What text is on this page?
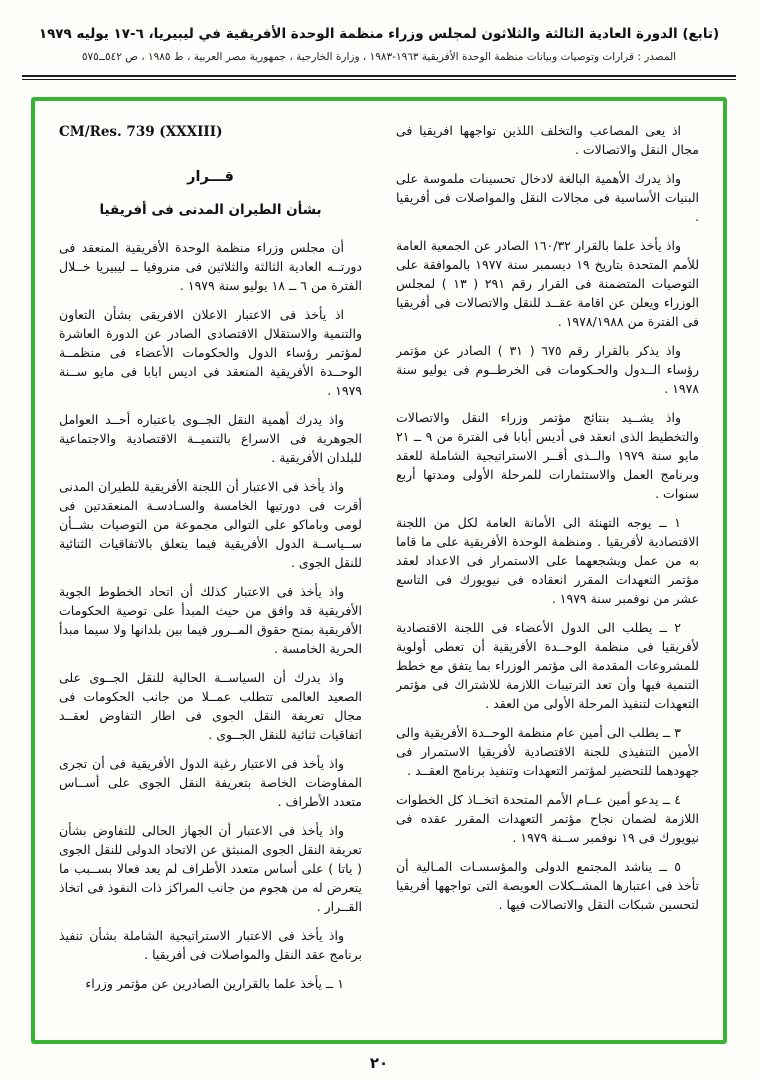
(تابع) الدورة العادية الثالثة والثلاثون لمجلس وزراء منظمة الوحدة الأفريقية في ليبيريا، ٦-١٧ يوليه ١٩٧٩
المصدر : قرارات وتوصيات وبيانات منظمة الوحدة الأفريقية ١٩٦٣-١٩٨٣ ، وزارة الخارجية ، جمهورية مصر العربية ، ط ١٩٨٥ ، ص ٥٤٢ــ٥٧٥
اذ يعى المصاعب والتخلف اللذين تواجهها افريقيا فى مجال النقل والاتصالات .
واذ يدرك الأهمية البالغة لادخال تحسينات ملموسة على البنيات الأساسية فى مجالات النقل والمواصلات فى أفريقيا .
واذ يأخذ علما بالقرار ١٦٠/٣٢ الصادر عن الجمعية العامة للأمم المتحدة بتاريخ ١٩ ديسمبر سنة ١٩٧٧ بالموافقة على التوصيات المتضمنة فى القرار رقم ٢٩١ ( ١٣ ) لمجلس الوزراء ويعلن عن اقامة عقــد للنقل والاتصالات فى أفريقيا فى الفترة من ١٩٧٨/١٩٨٨ .
واذ يذكر بالقرار رقم ٦٧٥ ( ٣١ ) الصادر عن مؤتمر رؤساء الــدول والحـكومات فى الخرطــوم فى يوليو سنة ١٩٧٨ .
واذ يشــيد بنتائج مؤتمر وزراء النقل والاتصالات والتخطيط الذى انعقد فى أديس أبابا فى الفترة من ٩ ــ ٢١ مايو سنة ١٩٧٩ والــذى أقــر الاستراتيجية الشاملة للعقد وبرنامج العمل والاستثمارات للمرحلة الأولى ومدتها أربع سنوات .
١ ــ يوجه التهنئة الى الأمانة العامة لكل من اللجنة الاقتصادية لأفريقيا . ومنظمة الوحدة الأفريقية على ما قاما به من عمل ويشجعهما على الاستمرار فى الاعداد لعقد مؤتمر التعهدات المقرر انعقاده فى نيويورك فى التاسع عشر من نوفمبر سنة ١٩٧٩ .
٢ ــ يطلب الى الدول الأعضاء فى اللجنة الاقتصادية لأفريقيا فى منظمة الوحــدة الأفريقية أن تعطى أولوية للمشروعات المقدمة الى مؤتمر الوزراء بما يتفق مع خطط التنمية فيها وأن تعد الترتيبات اللازمة للاشتراك فى مؤتمر التعهدات لتنفيذ المرحلة الأولى من العقد .
٣ ــ يطلب الى أمين عام منظمة الوحــدة الأفريقية والى الأمين التنفيذى للجنة الاقتصادية لأفريقيا الاستمرار فى جهودهما للتحضير لمؤتمر التعهدات وتنفيذ برنامج العقــد .
٤ ــ يدعو أمين عــام الأمم المتحدة اتخــاذ كل الخطوات اللازمة لضمان نجاح مؤتمر التعهدات المقرر عقده فى نيويورك فى ١٩ نوفمبر ســنة ١٩٧٩ .
٥ ــ يناشد المجتمع الدولى والمؤسسـات المـالية أن تأخذ فى اعتبارها المشــكلات العويصة التى تواجهها أفريقيا لتحسين شبكات النقل والاتصالات فيها .
CM/Res. 739 (XXXIII)
قـــرار
بشأن الطيران المدنى فى أفريقيا
أن مجلس وزراء منظمة الوحدة الأفريقية المنعقد فى دورتــه العادية الثالثة والثلاثين فى منروفيا ــ ليبيريا خــلال الفترة من ٦ ــ ١٨ يوليو سنة ١٩٧٩ .
اذ يأخذ فى الاعتبار الاعلان الافريقى بشأن التعاون والتنمية والاستقلال الاقتصادى الصادر عن الدورة العاشرة لمؤتمر رؤساء الدول والحكومات الأعضاء فى منظمــة الوحــدة الأفريقية المنعقد فى اديس ابابا فى مايو ســنة ١٩٧٩ .
واذ يدرك أهمية النقل الجــوى باعتباره أحــد العوامل الجوهرية فى الاسراع بالتنميــة الاقتصادية والاجتماعية للبلدان الأفريقية .
واذ يأخذ فى الاعتبار أن اللجنة الأفريقية للطيران المدنى أقرت فى دورتيها الخامسة والسـادسـة المنعقدتين فى لومى وباماكو على التوالى مجموعة من التوصيات بشــأن ســياســة الدول الأفريقية فيما يتعلق بالاتفاقيات الثنائية للنقل الجوى .
واذ يأخذ فى الاعتبار كذلك أن اتحاد الخطوط الجوية الأفريقية قد وافق من حيث المبدأ على توصية الحكومات الأفريقية بمنح حقوق المــرور فيما بين بلدانها ولا سيما مبدأ الحرية الخامسة .
واذ يدرك أن السياســة الحالية للنقل الجــوى على الصعيد العالمى تتطلب عمــلا من جانب الحكومات فى مجال تعريفة النقل الجوى فى اطار التفاوض لعقــد اتفاقيات ثنائية للنقل الجــوى .
واذ يأخذ فى الاعتبار رغبة الدول الأفريقية فى أن تجرى المفاوضات الخاصة بتعريفة النقل الجوى على أســاس متعدد الأطراف .
واذ يأخذ فى الاعتبار أن الجهاز الحالى للتفاوض بشأن تعريفة النقل الجوى المنبثق عن الاتحاد الدولى للنقل الجوى ( ياتا ) على أساس متعدد الأطراف لم يعد فعالا بســبب ما يتعرض له من هجوم من جانب المراكز ذات النفوذ فى اتخاذ القــرار .
واذ يأخذ فى الاعتبار الاستراتيجية الشاملة بشأن تنفيذ برنامج عقد النقل والمواصلات فى أفريقيا .
١ ــ يأخذ علما بالقرارين الصادرين عن مؤتمر وزراء
٢٠
